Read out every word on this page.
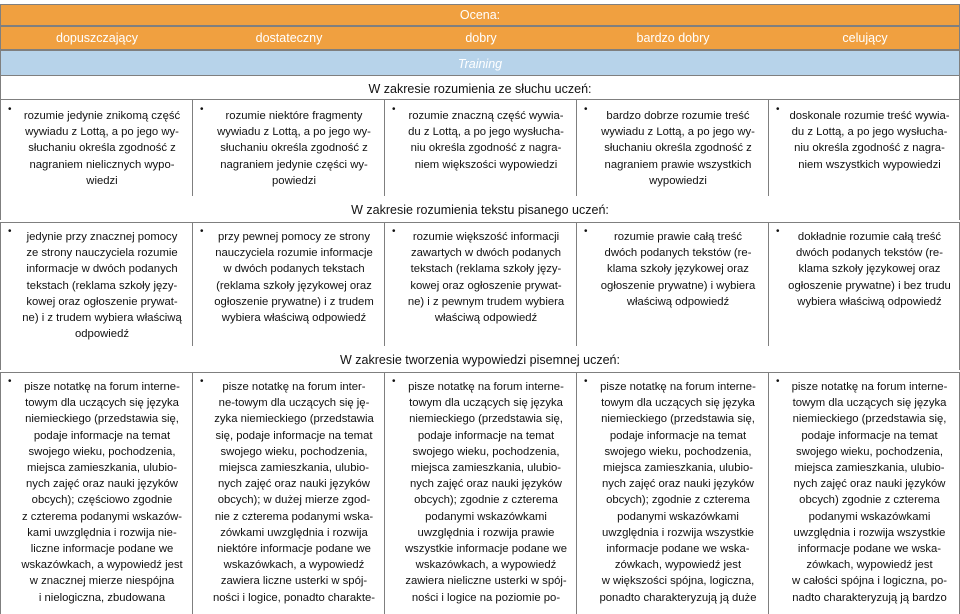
Ocena:
dopuszczający	dostateczny	dobry	bardzo dobry	celujący
Training
W zakresie rozumienia ze słuchu uczeń:
•
rozumie jedynie znikomą część
wywiadu z Lottą, a po jego wy-
słuchaniu określa zgodność z
nagraniem nielicznych wypo-
wiedzi
•
rozumie niektóre fragmenty
wywiadu z Lottą, a po jego wy-
słuchaniu określa zgodność z
nagraniem jedynie części wy-
powiedzi
•
rozumie znaczną część wywia-
du z Lottą, a po jego wysłucha-
niu określa zgodność z nagra-
niem większości wypowiedzi
•
bardzo dobrze rozumie treść
wywiadu z Lottą, a po jego wy-
słuchaniu określa zgodność z
nagraniem prawie wszystkich
wypowiedzi
•
doskonale rozumie treść wywia-
du z Lottą, a po jego wysłucha-
niu określa zgodność z nagra-
niem wszystkich wypowiedzi
W zakresie rozumienia tekstu pisanego uczeń:
•	jedynie przy znacznej pomocy
ze strony nauczyciela rozumie
informacje w dwóch podanych
tekstach (reklama szkoły języ-
kowej oraz ogłoszenie prywat-
ne) i z trudem wybiera właściwą
odpowiedź
•	przy pewnej pomocy ze strony
nauczyciela rozumie informacje
w dwóch podanych tekstach
(reklama szkoły językowej oraz
ogłoszenie prywatne) i z trudem
wybiera właściwą odpowiedź
•	rozumie większość informacji
zawartych w dwóch podanych
tekstach (reklama szkoły języ-
kowej oraz ogłoszenie prywat-
ne) i z pewnym trudem wybiera
właściwą odpowiedź
•	rozumie prawie całą treść
dwóch podanych tekstów (re-
klama szkoły językowej oraz
ogłoszenie prywatne) i wybiera
właściwą odpowiedź
•	dokładnie rozumie całą treść
dwóch podanych tekstów (re-
klama szkoły językowej oraz
ogłoszenie prywatne) i bez trudu
wybiera właściwą odpowiedź
W zakresie tworzenia wypowiedzi pisemnej uczeń:
•	pisze notatkę na forum interne-
towym dla uczących się języka
niemieckiego (przedstawia się,
podaje informacje na temat
swojego wieku, pochodzenia,
miejsca zamieszkania, ulubio-
nych zajęć oraz nauki języków
obcych); częściowo zgodnie
z czterema podanymi wskazów-
kami uwzględnia i rozwija nie-
liczne informacje podane we
wskazówkach, a wypowiedź jest
w znacznej mierze niespójna
i nielogiczna, zbudowana
•	pisze notatkę na forum inter-
ne-towym dla uczących się ję-
zyka niemieckiego (przedstawia
się, podaje informacje na temat
swojego wieku, pochodzenia,
miejsca zamieszkania, ulubio-
nych zajęć oraz nauki języków
obcych); w dużej mierze zgod-
nie z czterema podanymi wska-
zówkami uwzględnia i rozwija
niektóre informacje podane we
wskazówkach, a wypowiedź
zawiera liczne usterki w spój-
ności i logice, ponadto charakte-
•	pisze notatkę na forum interne-
towym dla uczących się języka
niemieckiego (przedstawia się,
podaje informacje na temat
swojego wieku, pochodzenia,
miejsca zamieszkania, ulubio-
nych zajęć oraz nauki języków
obcych); zgodnie z czterema
podanymi wskazówkami
uwzględnia i rozwija prawie
wszystkie informacje podane we
wskazówkach, a wypowiedź
zawiera nieliczne usterki w spój-
ności i logice na poziomie po-
•	pisze notatkę na forum interne-
towym dla uczących się języka
niemieckiego (przedstawia się,
podaje informacje na temat
swojego wieku, pochodzenia,
miejsca zamieszkania, ulubio-
nych zajęć oraz nauki języków
obcych); zgodnie z czterema
podanymi wskazówkami
uwzględnia i rozwija wszystkie
informacje podane we wska-
zówkach, wypowiedź jest
w większości spójna, logiczna,
ponadto charakteryzują ją duże
•	pisze notatkę na forum interne-
towym dla uczących się języka
niemieckiego (przedstawia się,
podaje informacje na temat
swojego wieku, pochodzenia,
miejsca zamieszkania, ulubio-
nych zajęć oraz nauki języków
obcych) zgodnie z czterema
podanymi wskazówkami
uwzględnia i rozwija wszystkie
informacje podane we wska-
zówkach, wypowiedź jest
w całości spójna i logiczna, po-
nadto charakteryzują ją bardzo
